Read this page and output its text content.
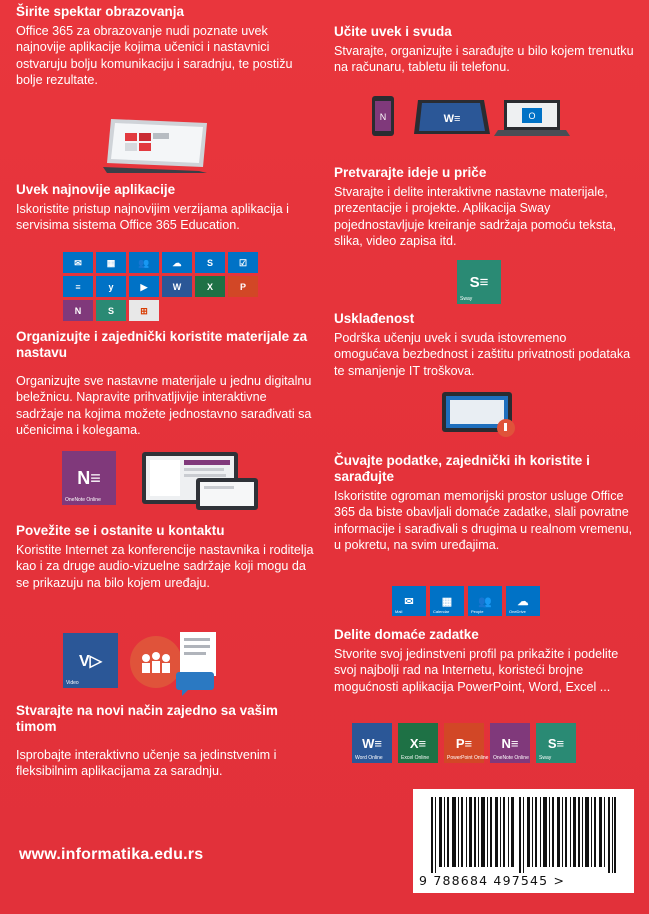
Širite spektar obrazovanja

Office 365 za obrazovanje nudi poznate uvek najnovije aplikacije kojima učenici i nastavnici ostvaruju bolju komunikaciju i saradnju, te postižu bolje rezultate.

Uvek najnovije aplikacije

Iskoristite pristup najnovijim verzijama aplikacija i servisima sistema Office 365 Education.

✉	▦	👥	☁	S	☑
≡	y	▶	W	X	P
N	S	⊞
Organizujte i zajednički koristite materijale za nastavu

Organizujte sve nastavne materijale u jednu digitalnu beležnicu. Napravite prihvatljivije interaktivne sadržaje na kojima možete jednostavno sarađivati sa učenicima i kolegama.

N≡
OneNote Online
Povežite se i ostanite u kontaktu

Koristite Internet za konferencije nastavnika i roditelja kao i za druge audio-vizuelne sadržaje koji mogu da se prikazuju na bilo kojem uređaju.

V▷
Video
Stvarajte na novi način zajedno sa vašim timom

Isprobajte interaktivno učenje sa jedinstvenim i fleksibilnim aplikacijama za saradnju.

www.informatika.edu.rs
Učite uvek i svuda

Stvarajte, organizujte i sarađujte u bilo kojem trenutku na računaru, tabletu ili telefonu.

N	W≡	O
Pretvarajte ideje u priče

Stvarajte i delite interaktivne nastavne materijale, prezentacije i projekte. Aplikacija Sway pojednostavljuje kreiranje sadržaja pomoću teksta, slika, video zapisa itd.

S≡
Sway
Usklađenost

Podrška učenju uvek i svuda istovremeno omogućava bezbednost i zaštitu privatnosti podataka te smanjenje IT troškova.

Čuvajte podatke, zajednički ih koristite i sarađujte

Iskoristite ogroman memorijski prostor usluge Office 365 da biste obavljali domaće zadatke, slali povratne informacije i sarađivali s drugima u realnom vremenu, u pokretu, na svim uređajima.

✉
Mail
▦
Calendar
👥
People
☁
OneDrive
Delite domaće zadatke

Stvorite svoj jedinstveni profil pa prikažite i podelite svoj najbolji rad na Internetu, koristeći brojne mogućnosti aplikacija PowerPoint, Word, Excel ...

W≡
Word Online
X≡
Excel Online
P≡
PowerPoint Online
N≡
OneNote Online
S≡
Sway
9 788684 497545 >
